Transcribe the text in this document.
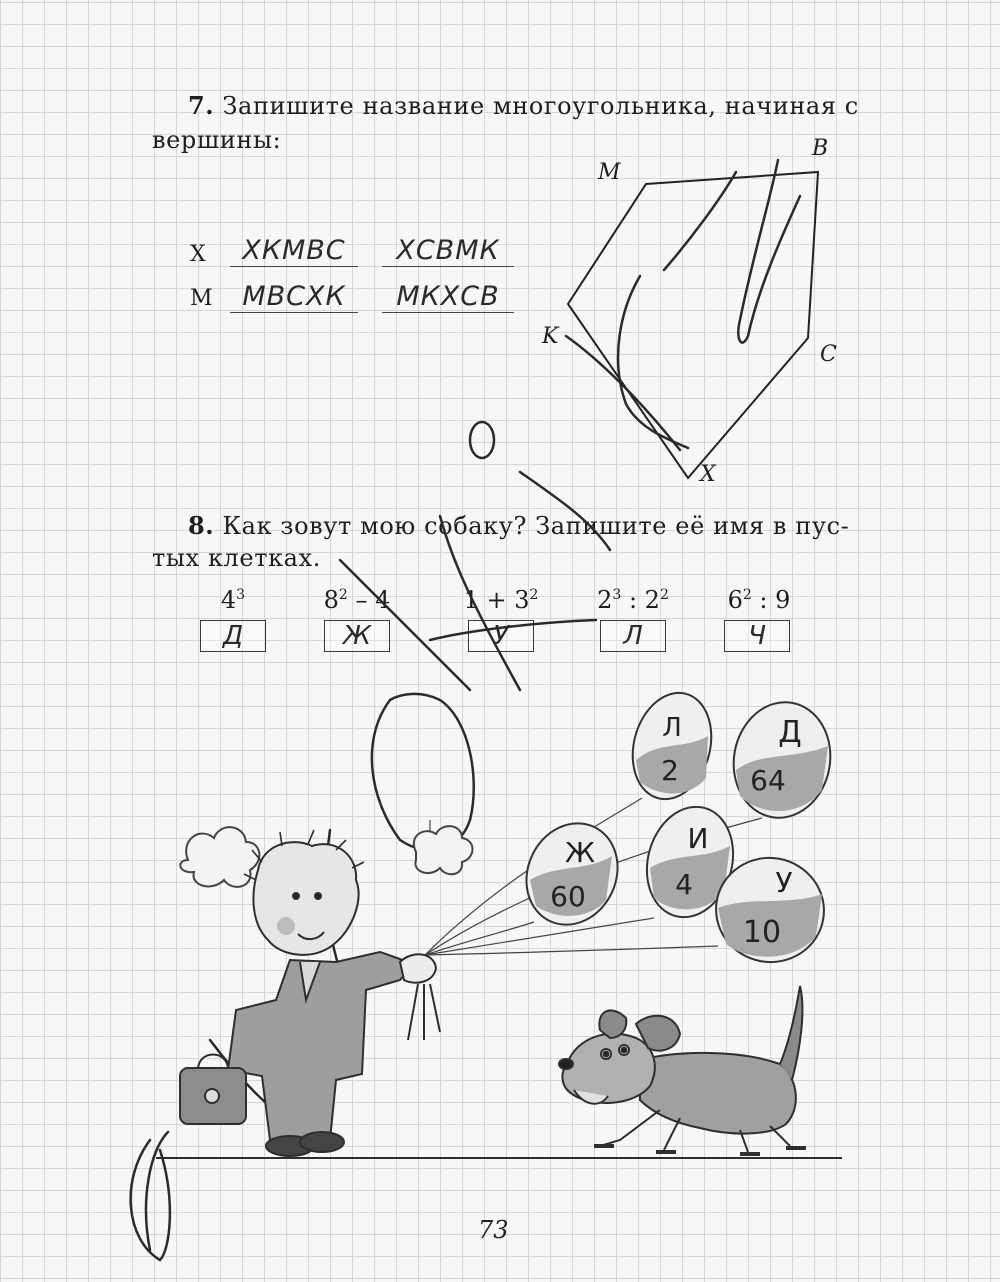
7. Запишите название многоугольника, начиная с

вершины:

X	ХКМВС	ХСВМК
M	МВСХК	МКХСВ
M
B
K
C
X

8. Как зовут мою собаку? Запишите её имя в пус-

тых клетках.

$4^3$	$8^2 - 4$	$1 + 3^2$	$2^3$ : $2^2$	$6^2$ : 9
Д	Ж	У	Л	Ч
Л
2
Д
64
Ж
60
И
4	У
10
73
